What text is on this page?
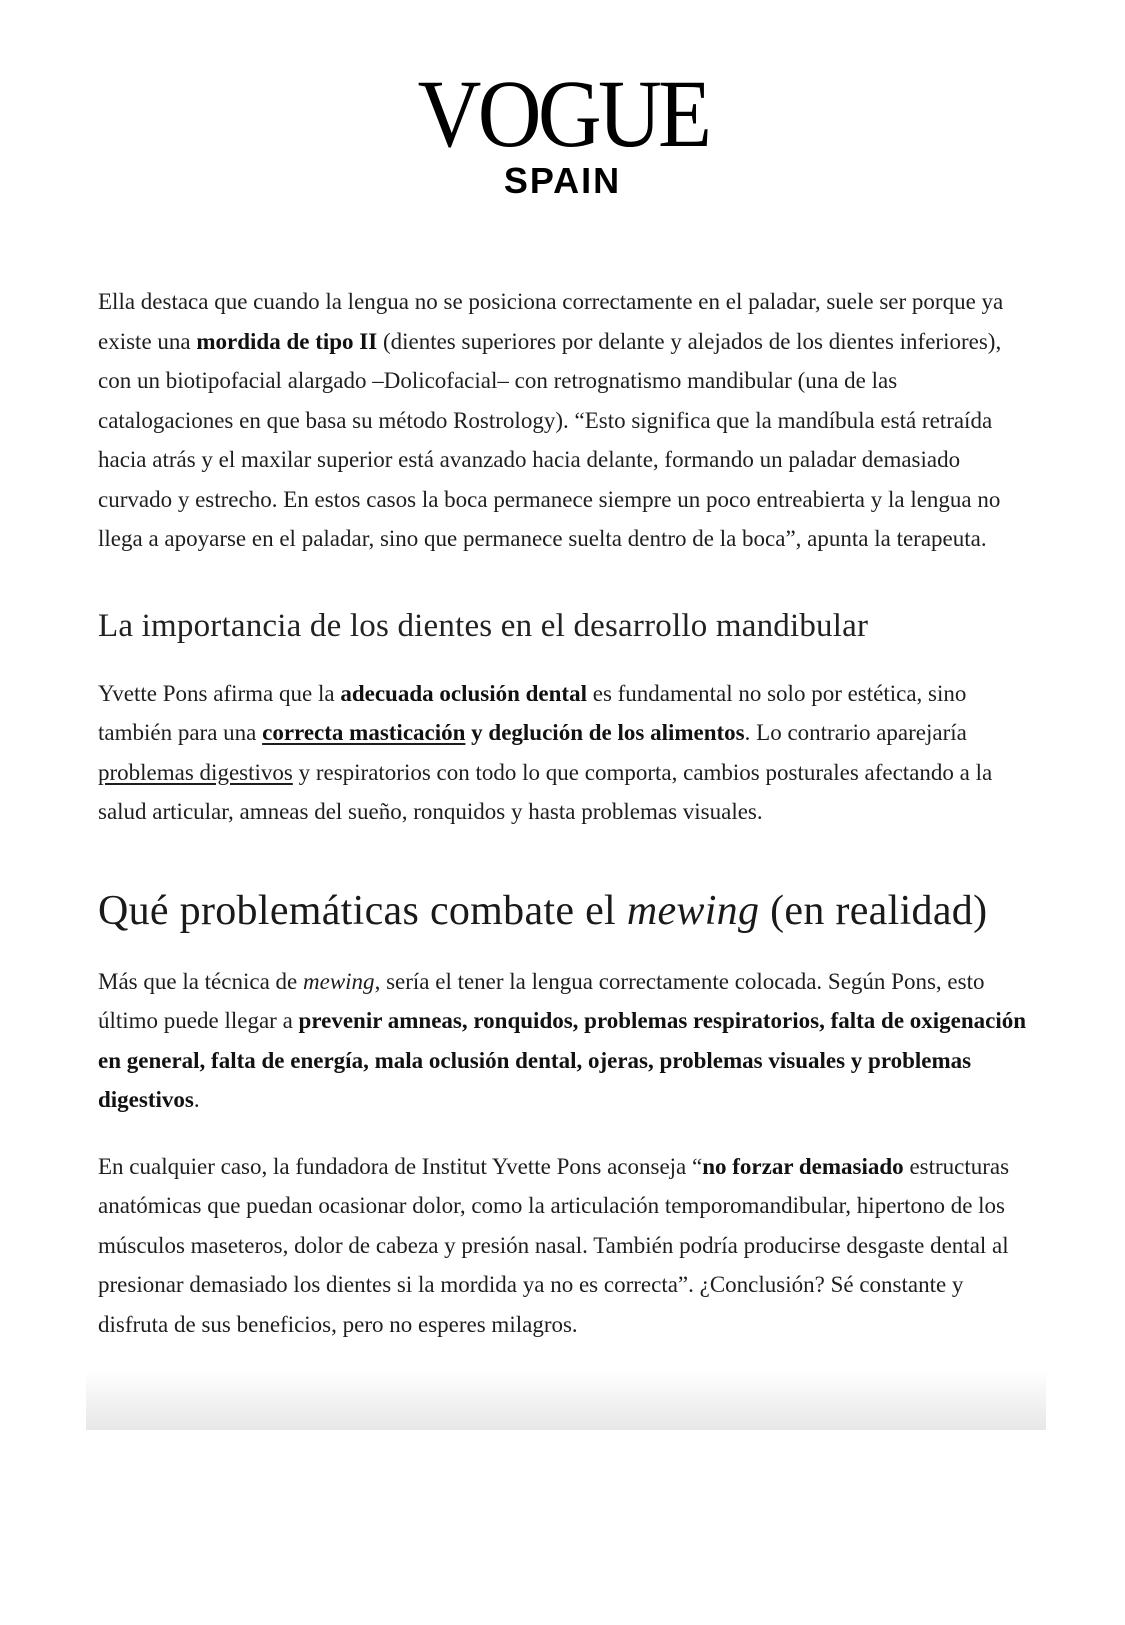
VOGUE
SPAIN

Ella destaca que cuando la lengua no se posiciona correctamente en el paladar, suele ser porque ya existe una mordida de tipo II (dientes superiores por delante y alejados de los dientes inferiores), con un biotipofacial alargado –Dolicofacial– con retrognatismo mandibular (una de las catalogaciones en que basa su método Rostrology). “Esto significa que la mandíbula está retraída hacia atrás y el maxilar superior está avanzado hacia delante, formando un paladar demasiado curvado y estrecho. En estos casos la boca permanece siempre un poco entreabierta y la lengua no llega a apoyarse en el paladar, sino que permanece suelta dentro de la boca”, apunta la terapeuta.

La importancia de los dientes en el desarrollo mandibular

Yvette Pons afirma que la adecuada oclusión dental es fundamental no solo por estética, sino también para una correcta masticación y deglución de los alimentos. Lo contrario aparejaría problemas digestivos y respiratorios con todo lo que comporta, cambios posturales afectando a la salud articular, amneas del sueño, ronquidos y hasta problemas visuales.

Qué problemáticas combate el mewing (en realidad)

Más que la técnica de mewing, sería el tener la lengua correctamente colocada. Según Pons, esto último puede llegar a prevenir amneas, ronquidos, problemas respiratorios, falta de oxigenación en general, falta de energía, mala oclusión dental, ojeras, problemas visuales y problemas digestivos.

En cualquier caso, la fundadora de Institut Yvette Pons aconseja “no forzar demasiado estructuras anatómicas que puedan ocasionar dolor, como la articulación temporomandibular, hipertono de los músculos maseteros, dolor de cabeza y presión nasal. También podría producirse desgaste dental al presionar demasiado los dientes si la mordida ya no es correcta”. ¿Conclusión? Sé constante y disfruta de sus beneficios, pero no esperes milagros.
